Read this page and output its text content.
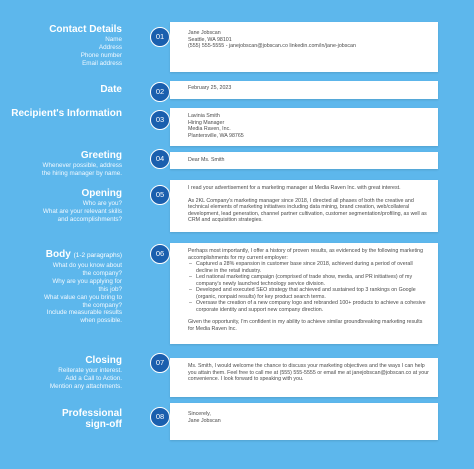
Contact Details
Name
Address
Phone number
Email address
01	Jane Jobscan

Seattle, WA 98101

(555) 555-5555 - janejobscan@jobscan.co linkedin.com/in/jane-jobscan

Date	02	February 25, 2023

Recipient's Information
03	Lavinia Smith

Hiring Manager

Media Raven, Inc.

Plantersville, WA 98765

Greeting
Whenever possible, address
the hiring manager by name.
04	Dear Ms. Smith

Opening
Who are you?
What are your relevant skills
and accomplishments?
05

I read your advertisement for a marketing manager at Media Raven Inc. with great interest.

As 2KL Company's marketing manager since 2018, I directed all phases of both the creative and technical elements of marketing initiatives including data mining, brand creation, web/collateral development, lead generation, channel partner cultivation, customer segmentation/profiling, as well as CRM and acquisition strategies.

Body (1-2 paragraphs)
What do you know about
the company?
Why are you applying for
this job?
What value can you bring to
the company?
Include measurable results
when possible.
06	Perhaps most importantly, I offer a history of proven results, as evidenced by the following marketing accomplishments for my current employer:

– Captured a 28% expansion in customer base since 2018, achieved during a period of overall decline in the retail industry.
– Led national marketing campaign (comprised of trade show, media, and PR initiatives) of my company's newly launched technology service division.
– Developed and executed SEO strategy that achieved and sustained top 3 rankings on Google (organic, nonpaid results) for key product search terms.
– Oversaw the creation of a new company logo and rebranded 100+ products to achieve a cohesive corporate identity and support new company direction.

Given the opportunity, I'm confident in my ability to achieve similar groundbreaking marketing results for Media Raven Inc.

Closing
Reiterate your interest.
Add a Call to Action.
Mention any attachments.
07	Ms. Smith, I would welcome the chance to discuss your marketing objectives and the ways I can help you attain them. Feel free to call me at (555) 555-5555 or email me at janejobscan@jobscan.co at your convenience. I look forward to speaking with you.

Professional sign-off
08	Sincerely,

Jane Jobscan
